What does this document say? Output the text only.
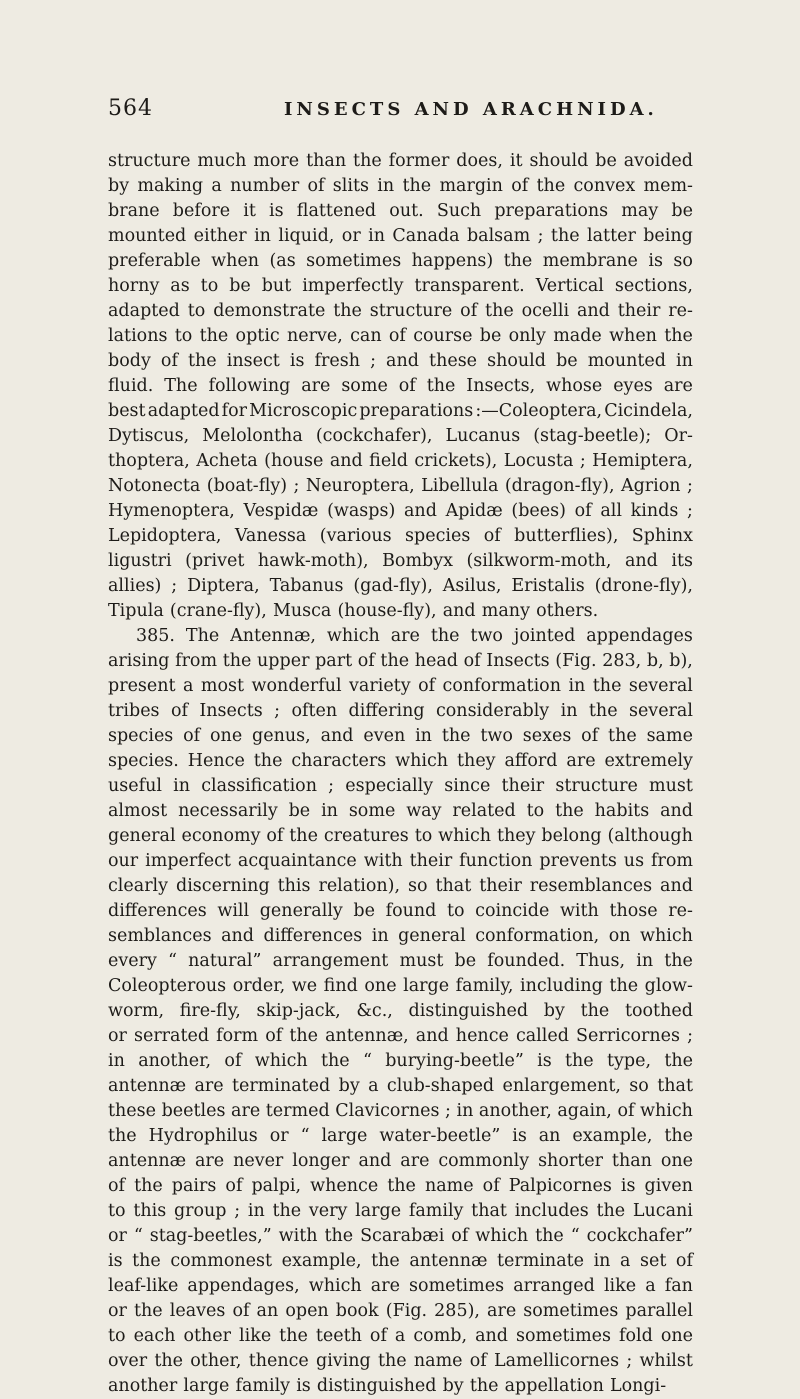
564	INSECTS AND ARACHNIDA.
structure much more than the former does, it should be avoided
by making a number of slits in the margin of the convex mem-
brane before it is flattened out. Such preparations may be
mounted either in liquid, or in Canada balsam ; the latter being
preferable when (as sometimes happens) the membrane is so
horny as to be but imperfectly transparent. Vertical sections,
adapted to demonstrate the structure of the ocelli and their re-
lations to the optic nerve, can of course be only made when the
body of the insect is fresh ; and these should be mounted in
fluid. The following are some of the Insects, whose eyes are
best adapted for Microscopic preparations :—Coleoptera, Cicindela,
Dytiscus, Melolontha (cockchafer), Lucanus (stag-beetle); Or-
thoptera, Acheta (house and field crickets), Locusta ; Hemiptera,
Notonecta (boat-fly) ; Neuroptera, Libellula (dragon-fly), Agrion ;
Hymenoptera, Vespidæ (wasps) and Apidæ (bees) of all kinds ;
Lepidoptera, Vanessa (various species of butterflies), Sphinx
ligustri (privet hawk-moth), Bombyx (silkworm-moth, and its
allies) ; Diptera, Tabanus (gad-fly), Asilus, Eristalis (drone-fly),
Tipula (crane-fly), Musca (house-fly), and many others.
385. The Antennæ, which are the two jointed appendages
arising from the upper part of the head of Insects (Fig. 283, b, b),
present a most wonderful variety of conformation in the several
tribes of Insects ; often differing considerably in the several
species of one genus, and even in the two sexes of the same
species. Hence the characters which they afford are extremely
useful in classification ; especially since their structure must
almost necessarily be in some way related to the habits and
general economy of the creatures to which they belong (although
our imperfect acquaintance with their function prevents us from
clearly discerning this relation), so that their resemblances and
differences will generally be found to coincide with those re-
semblances and differences in general conformation, on which
every “ natural” arrangement must be founded. Thus, in the
Coleopterous order, we find one large family, including the glow-
worm, fire-fly, skip-jack, &c., distinguished by the toothed
or serrated form of the antennæ, and hence called Serricornes ;
in another, of which the “ burying-beetle” is the type, the
antennæ are terminated by a club-shaped enlargement, so that
these beetles are termed Clavicornes ; in another, again, of which
the Hydrophilus or “ large water-beetle” is an example, the
antennæ are never longer and are commonly shorter than one
of the pairs of palpi, whence the name of Palpicornes is given
to this group ; in the very large family that includes the Lucani
or “ stag-beetles,” with the Scarabæi of which the “ cockchafer”
is the commonest example, the antennæ terminate in a set of
leaf-like appendages, which are sometimes arranged like a fan
or the leaves of an open book (Fig. 285), are sometimes parallel
to each other like the teeth of a comb, and sometimes fold one
over the other, thence giving the name of Lamellicornes ; whilst
another large family is distinguished by the appellation Longi-
